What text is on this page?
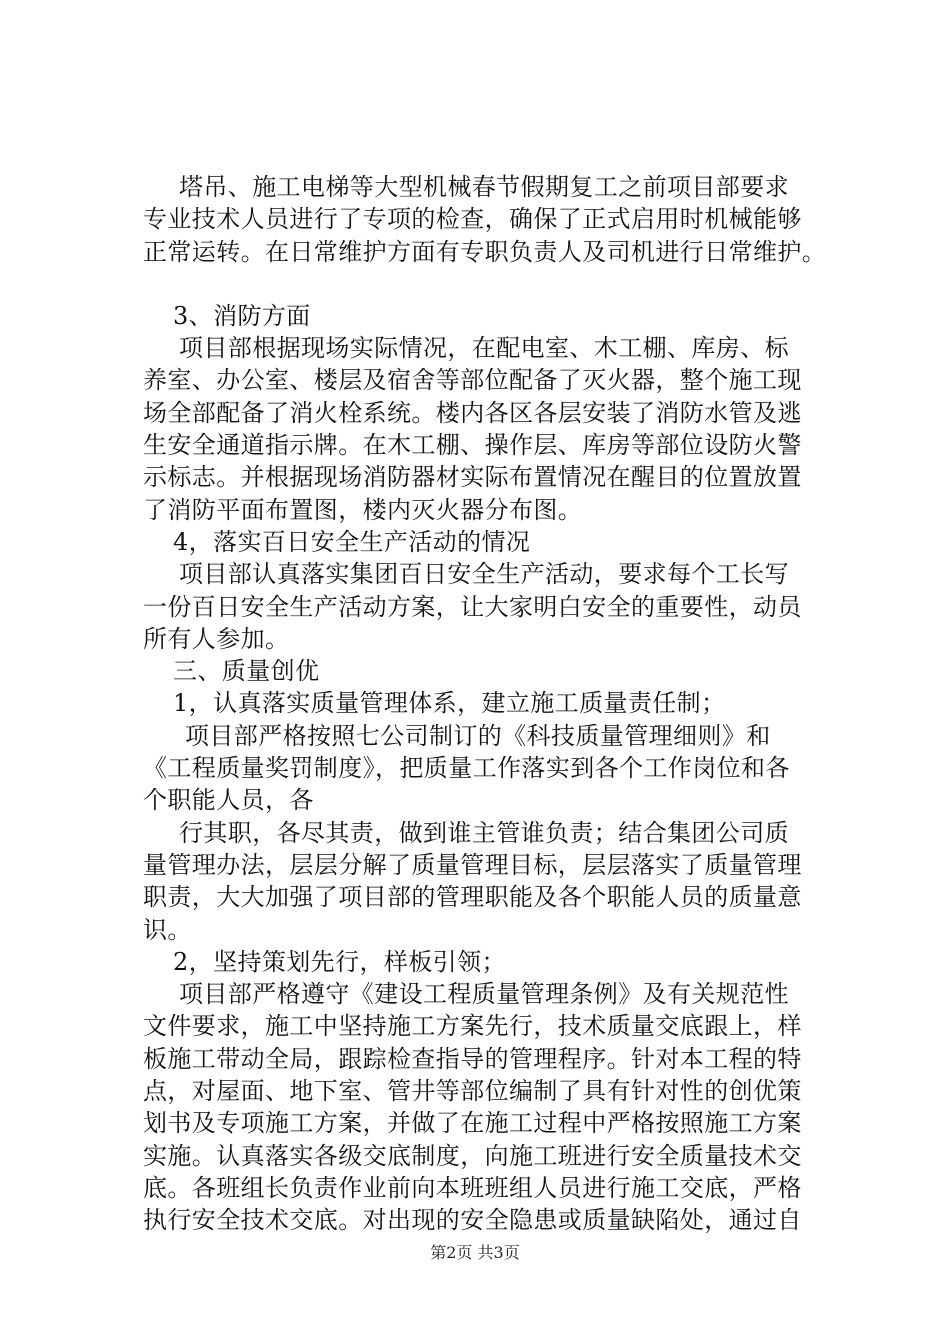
塔吊、施工电梯等大型机械春节假期复工之前项目部要求
专业技术人员进行了专项的检查，确保了正式启用时机械能够
正常运转。在日常维护方面有专职负责人及司机进行日常维护。
3、消防方面
项目部根据现场实际情况，在配电室、木工棚、库房、标
养室、办公室、楼层及宿舍等部位配备了灭火器，整个施工现
场全部配备了消火栓系统。楼内各区各层安装了消防水管及逃
生安全通道指示牌。在木工棚、操作层、库房等部位设防火警
示标志。并根据现场消防器材实际布置情况在醒目的位置放置
了消防平面布置图，楼内灭火器分布图。
4，落实百日安全生产活动的情况
项目部认真落实集团百日安全生产活动，要求每个工长写
一份百日安全生产活动方案，让大家明白安全的重要性，动员
所有人参加。
三、质量创优
1，认真落实质量管理体系，建立施工质量责任制；
项目部严格按照七公司制订的《科技质量管理细则》和
《工程质量奖罚制度》，把质量工作落实到各个工作岗位和各
个职能人员，各
行其职，各尽其责，做到谁主管谁负责；结合集团公司质
量管理办法，层层分解了质量管理目标，层层落实了质量管理
职责，大大加强了项目部的管理职能及各个职能人员的质量意
识。
2，坚持策划先行，样板引领；
项目部严格遵守《建设工程质量管理条例》及有关规范性
文件要求，施工中坚持施工方案先行，技术质量交底跟上，样
板施工带动全局，跟踪检查指导的管理程序。针对本工程的特
点，对屋面、地下室、管井等部位编制了具有针对性的创优策
划书及专项施工方案，并做了在施工过程中严格按照施工方案
实施。认真落实各级交底制度，向施工班进行安全质量技术交
底。各班组长负责作业前向本班班组人员进行施工交底，严格
执行安全技术交底。对出现的安全隐患或质量缺陷处，通过自
第2页 共3页
